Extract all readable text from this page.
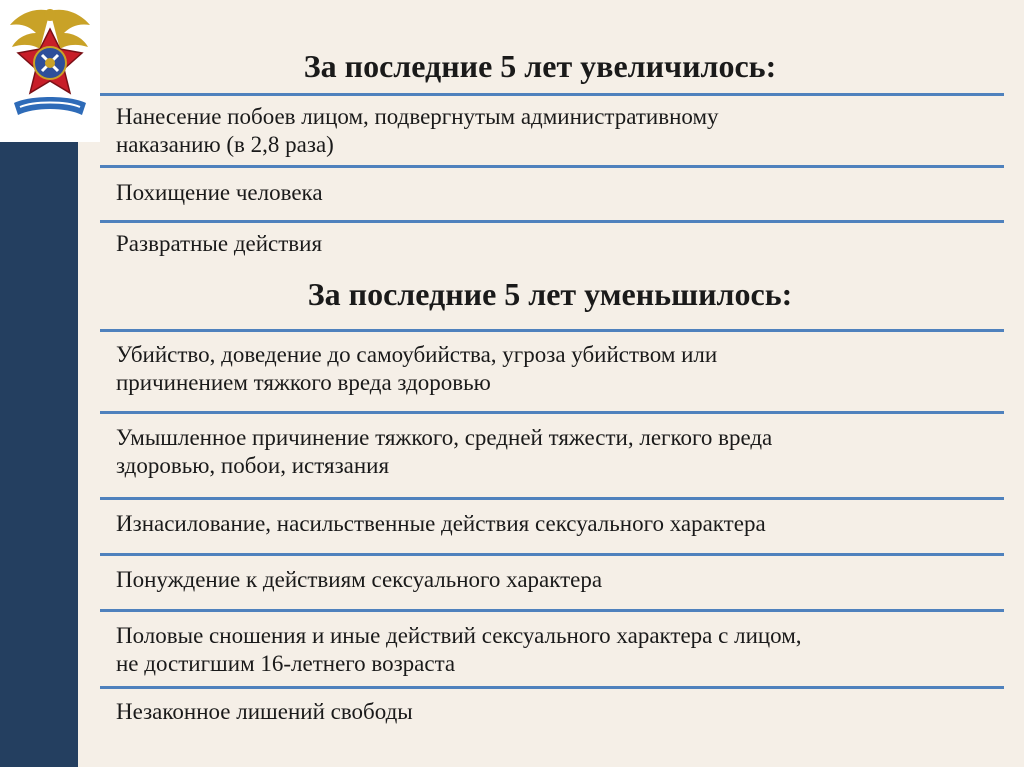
За последние 5 лет увеличилось:
Нанесение побоев лицом, подвергнутым административному
наказанию (в 2,8 раза)
Похищение человека
Развратные действия
За последние 5 лет уменьшилось:
Убийство, доведение до самоубийства, угроза убийством или
причинением тяжкого вреда здоровью
Умышленное причинение тяжкого, средней тяжести, легкого вреда
здоровью, побои, истязания
Изнасилование, насильственные действия сексуального характера
Понуждение к действиям сексуального характера
Половые сношения и иные действий сексуального характера с лицом,
не достигшим 16-летнего возраста
Незаконное лишений свободы
